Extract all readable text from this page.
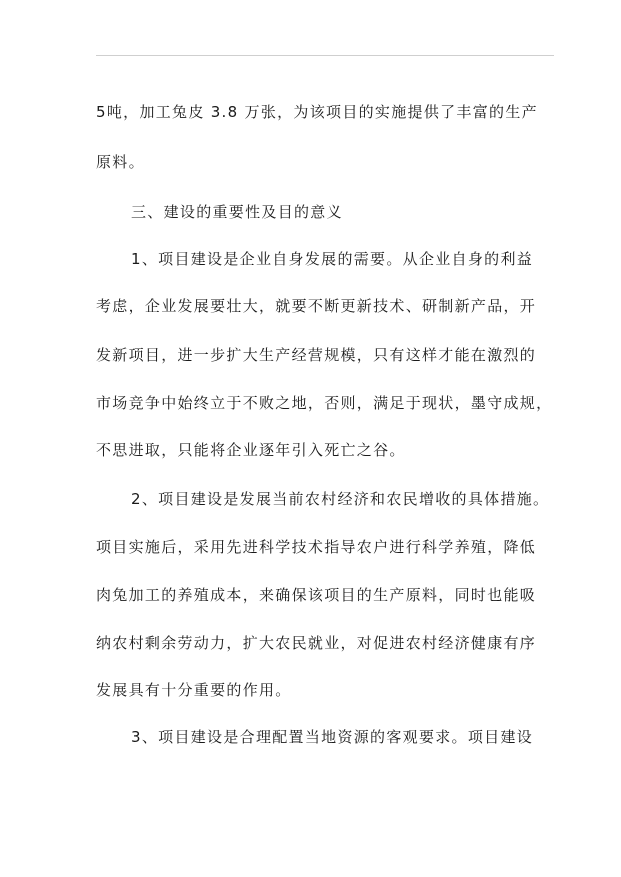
5吨，加工兔皮 3.8 万张，为该项目的实施提供了丰富的生产
原料。
三、建设的重要性及目的意义
1、项目建设是企业自身发展的需要。从企业自身的利益
考虑，企业发展要壮大，就要不断更新技术、研制新产品，开
发新项目，进一步扩大生产经营规模，只有这样才能在激烈的
市场竞争中始终立于不败之地，否则，满足于现状，墨守成规，
不思进取，只能将企业逐年引入死亡之谷。
2、项目建设是发展当前农村经济和农民增收的具体措施。
项目实施后，采用先进科学技术指导农户进行科学养殖，降低
肉兔加工的养殖成本，来确保该项目的生产原料，同时也能吸
纳农村剩余劳动力，扩大农民就业，对促进农村经济健康有序
发展具有十分重要的作用。
3、项目建设是合理配置当地资源的客观要求。项目建设
